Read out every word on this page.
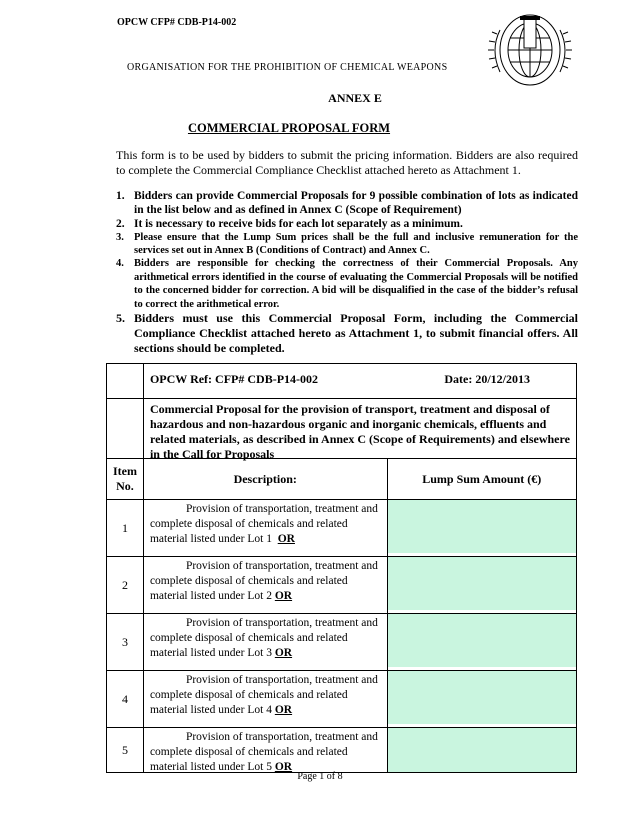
OPCW CFP# CDB-P14-002
ORGANISATION FOR THE PROHIBITION OF CHEMICAL WEAPONS
ANNEX E
COMMERCIAL PROPOSAL FORM
This form is to be used by bidders to submit the pricing information. Bidders are also required to complete the Commercial Compliance Checklist attached hereto as Attachment 1.
1. Bidders can provide Commercial Proposals for 9 possible combination of lots as indicated in the list below and as defined in Annex C (Scope of Requirement)
2. It is necessary to receive bids for each lot separately as a minimum.
3. Please ensure that the Lump Sum prices shall be the full and inclusive remuneration for the services set out in Annex B (Conditions of Contract) and Annex C.
4. Bidders are responsible for checking the correctness of their Commercial Proposals. Any arithmetical errors identified in the course of evaluating the Commercial Proposals will be notified to the concerned bidder for correction. A bid will be disqualified in the case of the bidder’s refusal to correct the arithmetical error.
5. Bidders must use this Commercial Proposal Form, including the Commercial Compliance Checklist attached hereto as Attachment 1, to submit financial offers. All sections should be completed.

	OPCW Ref: CFP# CDB-P14-002 Date: 20/12/2013	

	Commercial Proposal for the provision of transport, treatment and disposal of hazardous and non-hazardous organic and inorganic chemicals, effluents and related materials, as described in Annex C (Scope of Requirements) and elsewhere in the Call for Proposals	

Item No.	Description:	Lump Sum Amount (€)
1	Provision of transportation, treatment and
complete disposal of chemicals and related
material listed under Lot 1 OR	

2	Provision of transportation, treatment and
complete disposal of chemicals and related
material listed under Lot 2 OR	

3	Provision of transportation, treatment and
complete disposal of chemicals and related
material listed under Lot 3 OR	

4	Provision of transportation, treatment and
complete disposal of chemicals and related
material listed under Lot 4 OR	

5	Provision of transportation, treatment and
complete disposal of chemicals and related
material listed under Lot 5 OR	

Page 1 of 8
